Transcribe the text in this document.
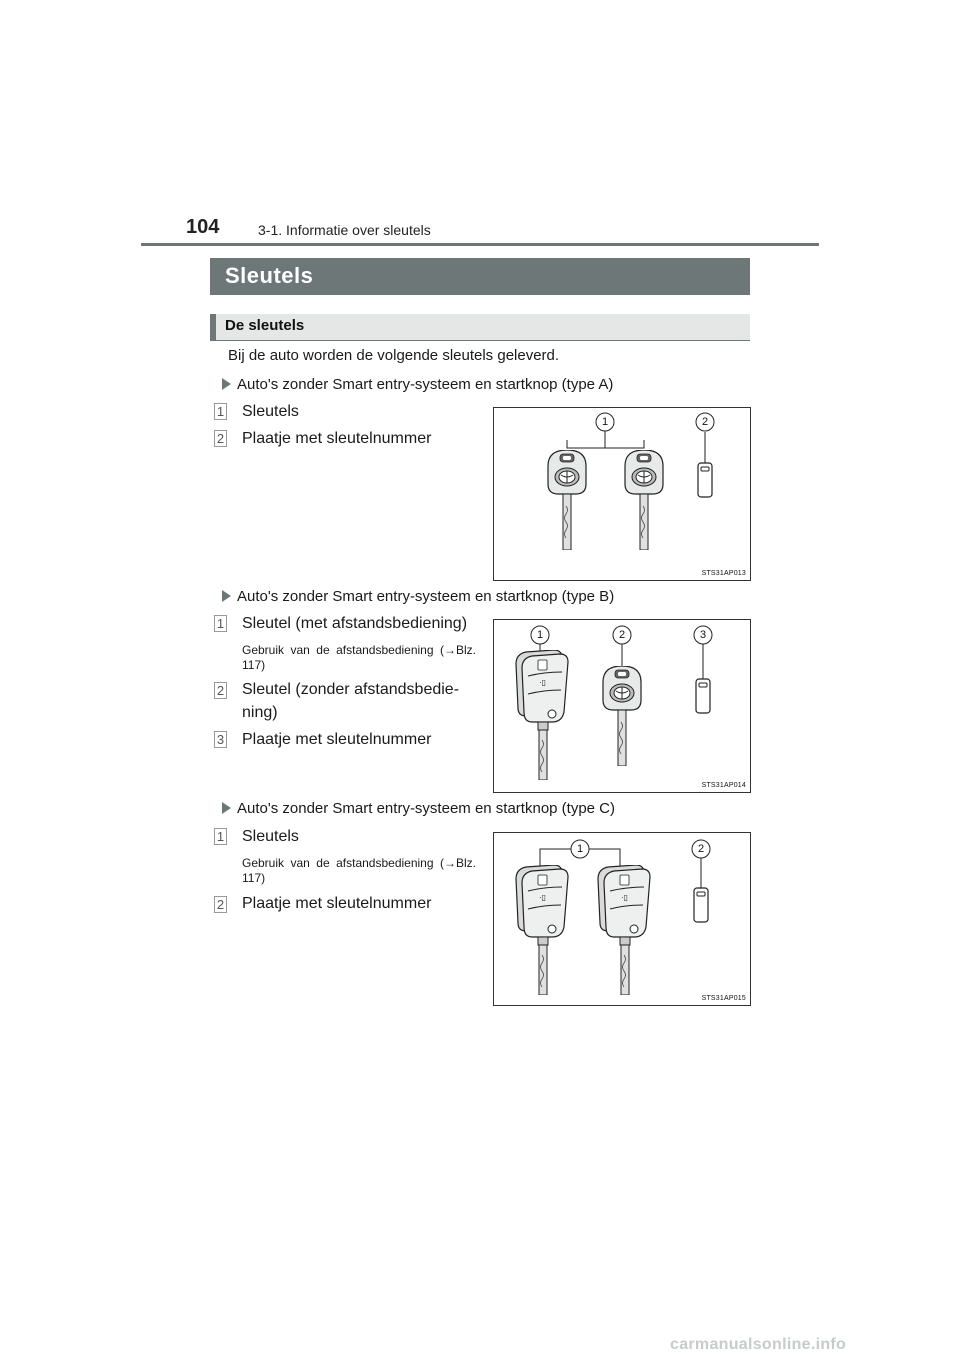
104	3-1. Informatie over sleutels
Sleutels
De sleutels
Bij de auto worden de volgende sleutels geleverd.
Auto's zonder Smart entry-systeem en startknop (type A)
1 Sleutels
2 Plaatje met sleutelnummer
1	2
STS31AP013
Auto's zonder Smart entry-systeem en startknop (type B)
1 Sleutel (met afstandsbediening)
Gebruik van de afstandsbediening (→Blz. 117)
2 Sleutel (zonder afstandsbedie-
ning)
3 Plaatje met sleutelnummer
1	2	3
STS31AP014
Auto's zonder Smart entry-systeem en startknop (type C)
1 Sleutels
Gebruik van de afstandsbediening (→Blz. 117)
2 Plaatje met sleutelnummer
1	2
STS31AP015
carmanualsonline.info
